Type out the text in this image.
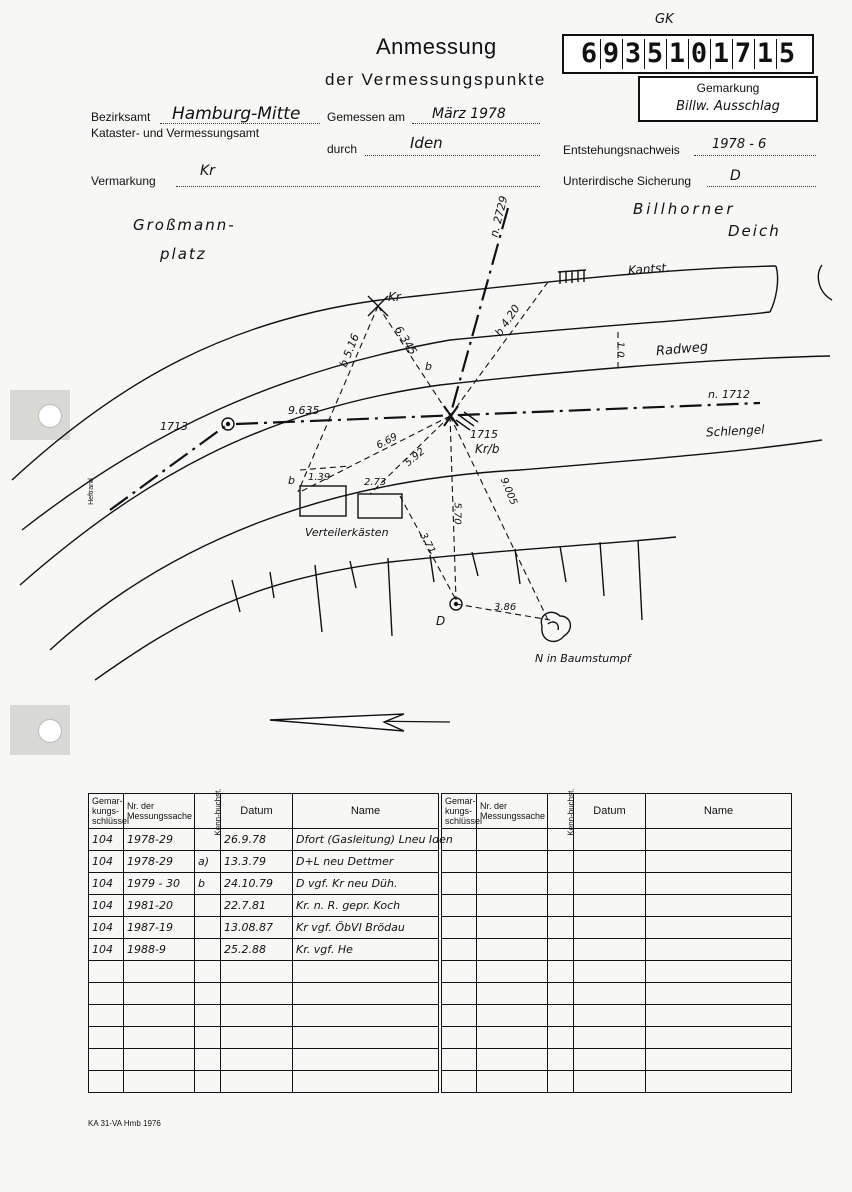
Anmessung
der Vermessungspunkte
GK
6 9 3 5 1 0 1 7 1 5
Gemarkung
Billw. Ausschlag
Bezirksamt Hamburg-Mitte
Kataster- und Vermessungsamt
Gemessen am März 1978
durch	Iden	Entstehungsnachweis 1978 - 6
Vermarkung
Kr
Unterirdische Sicherung	D
Großmann-
platz
Billhorner
Deich
Kantst.
Radweg
Schlengel
Heftrand
n. 2729
n. 1712
1713
1715
Kr
Kr/b
b
b
b 5.16	6.345
b 4.20
1.0
9.635
6.69
5.92
1.39	2.73
5.70
9.005
3.71
3.86
Verteilerkästen
D
N in Baumstumpf
Gemar-kungs-schlüssel	Nr. der Messungssache	Kenn-buchst.	Datum	Name
104	1978-29		26.9.78	Dfort (Gasleitung) Lneu Iden
104	1978-29	a)	13.3.79	D+L neu Dettmer
104	1979 - 30	b	24.10.79	D vgf. Kr neu Düh.
104	1981-20		22.7.81	Kr. n. R. gepr. Koch
104	1987-19		13.08.87	Kr vgf. ÖbVI Brödau
104	1988-9		25.2.88	Kr. vgf. He

Gemar-kungs-schlüssel	Nr. der Messungssache	Kenn-buchst.	Datum	Name

KA 31-VA Hmb 1976
